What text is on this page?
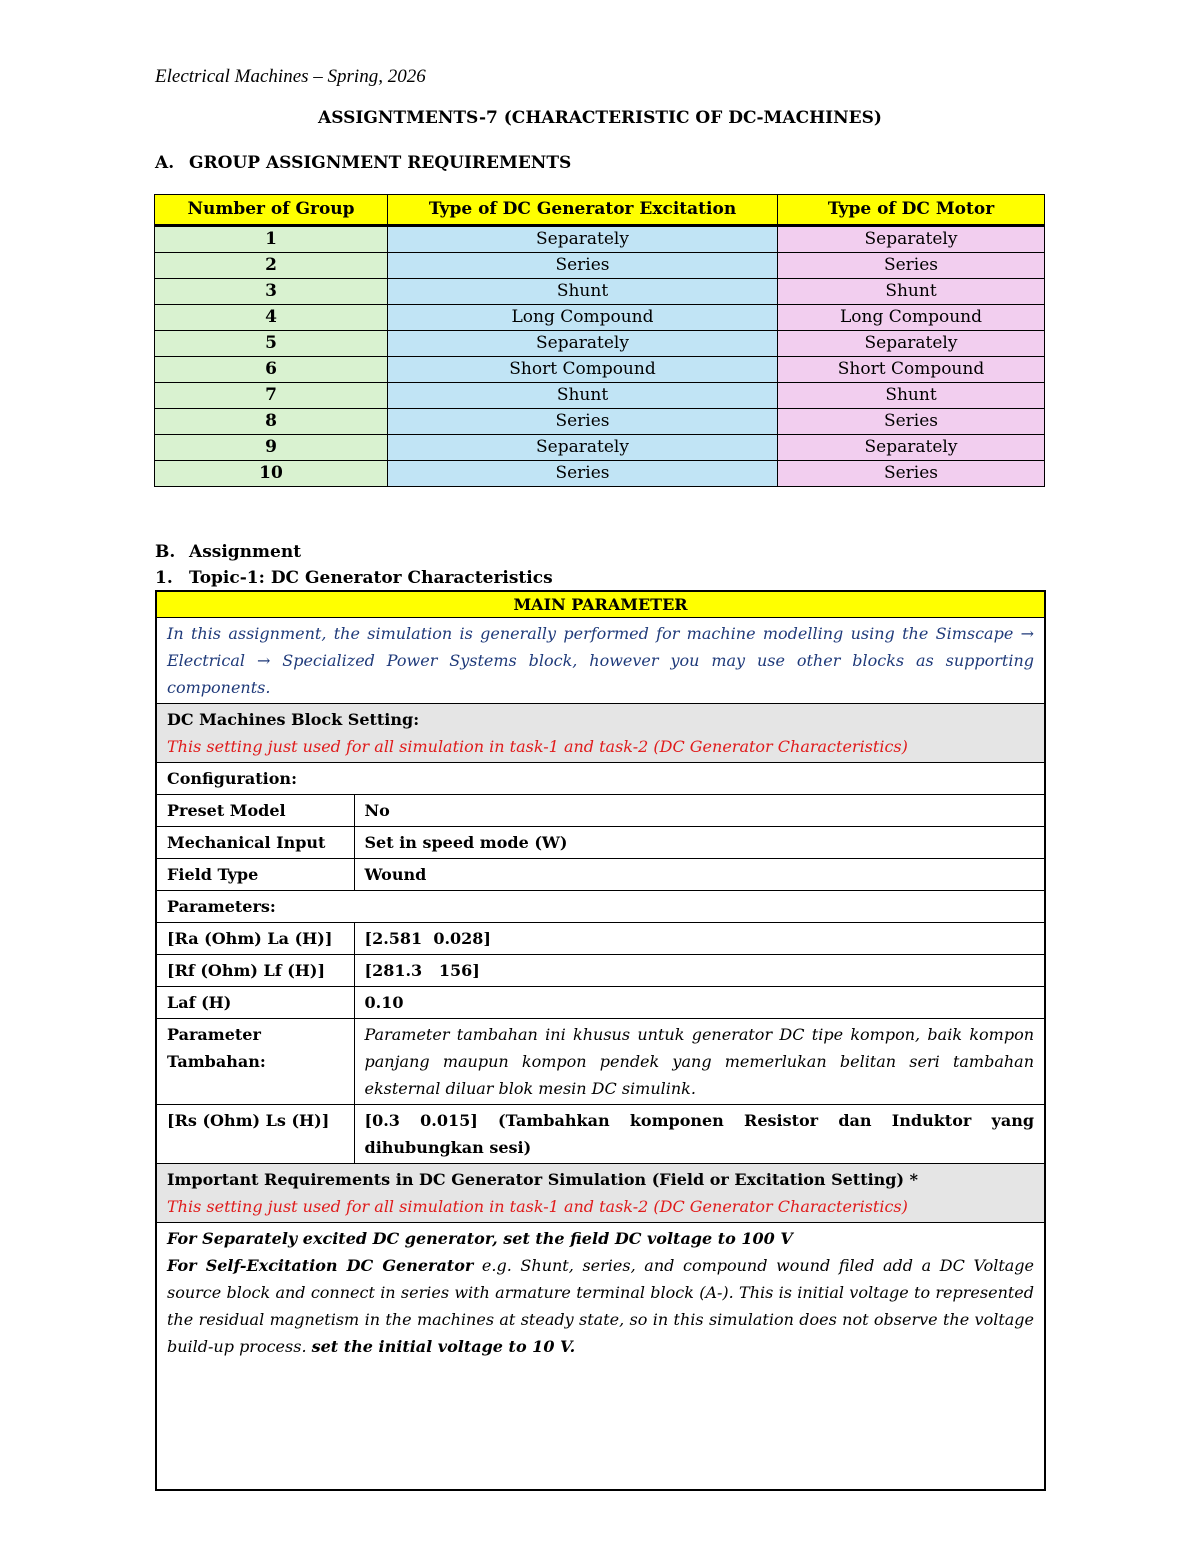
Electrical Machines – Spring, 2026
ASSIGNTMENTS-7 (CHARACTERISTIC OF DC-MACHINES)
A. GROUP ASSIGNMENT REQUIREMENTS
Number of Group	Type of DC Generator Excitation	Type of DC Motor
1	Separately	Separately
2	Series	Series
3	Shunt	Shunt
4	Long Compound	Long Compound
5	Separately	Separately
6	Short Compound	Short Compound
7	Shunt	Shunt
8	Series	Series
9	Separately	Separately
10	Series	Series
B. Assignment
1. Topic-1: DC Generator Characteristics
MAIN PARAMETER	
In this assignment, the simulation is generally performed for machine modelling using the Simscape → Electrical → Specialized Power Systems block, however you may use other blocks as supporting components.	

DC Machines Block Setting:
This setting just used for all simulation in task-1 and task-2 (DC Generator Characteristics)	

Configuration:	
Preset Model	No
Mechanical Input	Set in speed mode (W)
Field Type	Wound
Parameters:	
[Ra (Ohm) La (H)]	[2.581  0.028]
[Rf (Ohm) Lf (H)]	[281.3   156]
Laf (H)	0.10
Parameter Tambahan:	Parameter tambahan ini khusus untuk generator DC tipe kompon, baik kompon panjang maupun kompon pendek yang memerlukan belitan seri tambahan eksternal diluar blok mesin DC simulink.
[Rs (Ohm) Ls (H)]	[0.3 0.015] (Tambahkan komponen Resistor dan Induktor yang dihubungkan sesi)

Important Requirements in DC Generator Simulation (Field or Excitation Setting) *
This setting just used for all simulation in task-1 and task-2 (DC Generator Characteristics)	

For Separately excited DC generator, set the field DC voltage to 100 V
For Self-Excitation DC Generator e.g. Shunt, series, and compound wound filed add a DC Voltage source block and connect in series with armature terminal block (A-). This is initial voltage to represented the residual magnetism in the machines at steady state, so in this simulation does not observe the voltage build-up process. set the initial voltage to 10 V.	
